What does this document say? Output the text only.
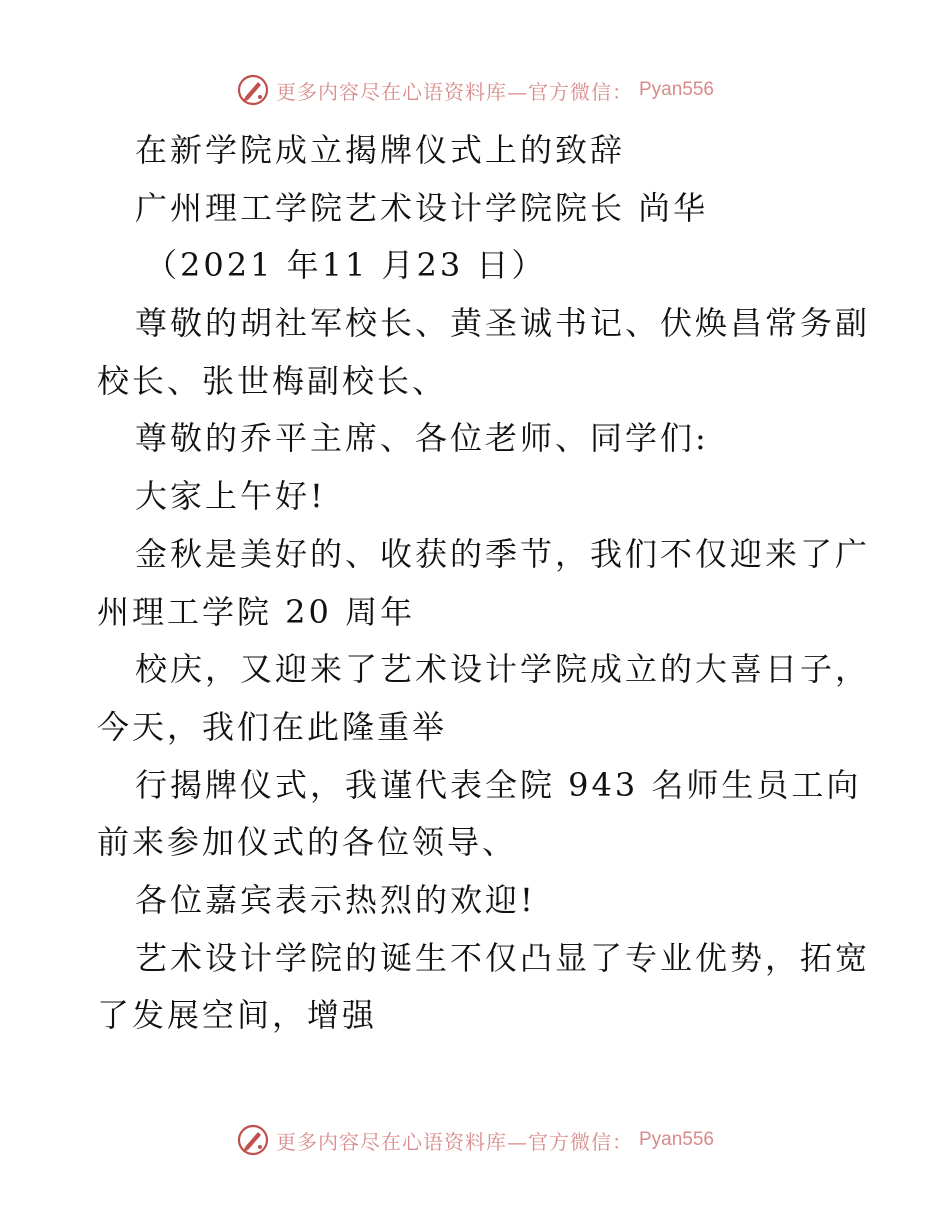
更多内容尽在心语资料库—官方微信： Pyan556
在新学院成立揭牌仪式上的致辞
广州理工学院艺术设计学院院长 尚华
（2021 年11 月23 日）
尊敬的胡社军校长、黄圣诚书记、伏焕昌常务副
校长、张世梅副校长、
尊敬的乔平主席、各位老师、同学们:
大家上午好!
金秋是美好的、收获的季节，我们不仅迎来了广
州理工学院 20 周年
校庆，又迎来了艺术设计学院成立的大喜日子，
今天，我们在此隆重举
行揭牌仪式，我谨代表全院 943 名师生员工向
前来参加仪式的各位领导、
各位嘉宾表示热烈的欢迎!
艺术设计学院的诞生不仅凸显了专业优势，拓宽
了发展空间，增强
更多内容尽在心语资料库—官方微信： Pyan556
